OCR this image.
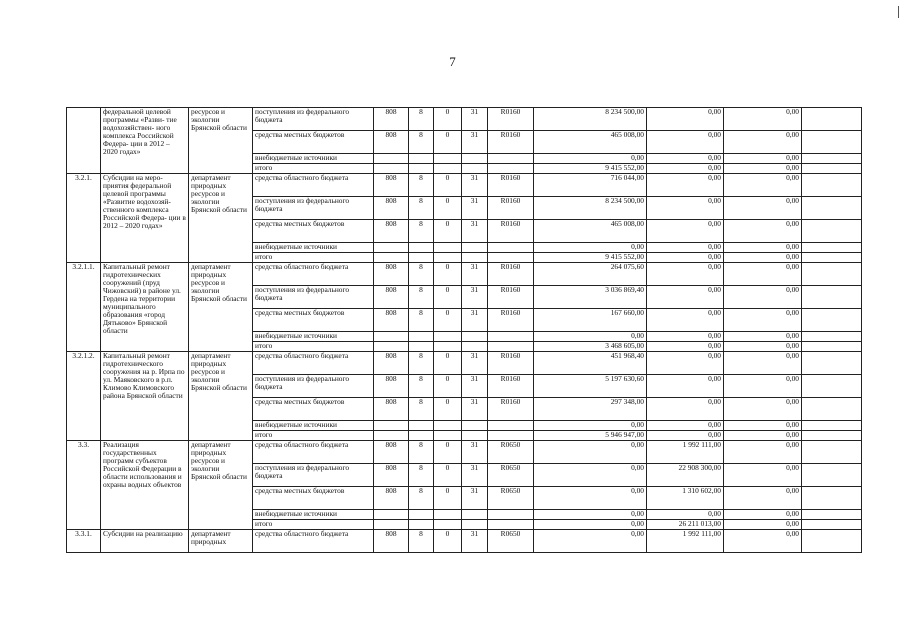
7
	федеральной целевой программы «Разви- тие водохозяйствен- ного комплекса Российской Федера- ции в 2012 – 2020 годах»	ресурсов и экологии Брянской области	поступления из федерального бюджета	808	8	0	31	R0160	8 234 500,00	0,00	0,00	
			средства местных бюджетов	808	8	0	31	R0160	465 008,00	0,00	0,00	
			внебюджетные источники						0,00	0,00	0,00	
			итого						9 415 552,00	0,00	0,00	
3.2.1.	Субсидии на меро- приятия федеральной целевой программы «Развитие водохозяй- ственного комплекса Российской Федера- ции в 2012 – 2020 годах»	департамент природных ресурсов и экологии Брянской области	средства областного бюджета	808	8	0	31	R0160	716 044,00	0,00	0,00	
			поступления из федерального бюджета	808	8	0	31	R0160	8 234 500,00	0,00	0,00	
			средства местных бюджетов	808	8	0	31	R0160	465 008,00	0,00	0,00	
			внебюджетные источники						0,00	0,00	0,00	
			итого						9 415 552,00	0,00	0,00	
3.2.1.1.	Капитальный ремонт гидротехнических сооружений (пруд Чижовский) в районе ул. Гердена на территории муниципального образования «город Дятьково» Брянской области	департамент природных ресурсов и экологии Брянской области	средства областного бюджета	808	8	0	31	R0160	264 075,60	0,00	0,00	
			поступления из федерального бюджета	808	8	0	31	R0160	3 036 869,40	0,00	0,00	
			средства местных бюджетов	808	8	0	31	R0160	167 660,00	0,00	0,00	
			внебюджетные источники						0,00	0,00	0,00	
			итого						3 468 605,00	0,00	0,00	
3.2.1.2.	Капитальный ремонт гидротехнического сооружения на р. Ирпа по ул. Маяковского в р.п. Климово Климовского района Брянской области	департамент природных ресурсов и экологии Брянской области	средства областного бюджета	808	8	0	31	R0160	451 968,40	0,00	0,00	
			поступления из федерального бюджета	808	8	0	31	R0160	5 197 630,60	0,00	0,00	
			средства местных бюджетов	808	8	0	31	R0160	297 348,00	0,00	0,00	
			внебюджетные источники						0,00	0,00	0,00	
			итого						5 946 947,00	0,00	0,00	
3.3.	Реализация государственных программ субъектов Российской Федерации в области использования и охраны водных объектов	департамент природных ресурсов и экологии Брянской области	средства областного бюджета	808	8	0	31	R0650	0,00	1 992 111,00	0,00	
			поступления из федерального бюджета	808	8	0	31	R0650	0,00	22 908 300,00	0,00	
			средства местных бюджетов	808	8	0	31	R0650	0,00	1 310 602,00	0,00	
			внебюджетные источники						0,00	0,00	0,00	
			итого						0,00	26 211 013,00	0,00	
3.3.1.	Субсидии на реализацию	департамент природных	средства областного бюджета	808	8	0	31	R0650	0,00	1 992 111,00	0,00	
